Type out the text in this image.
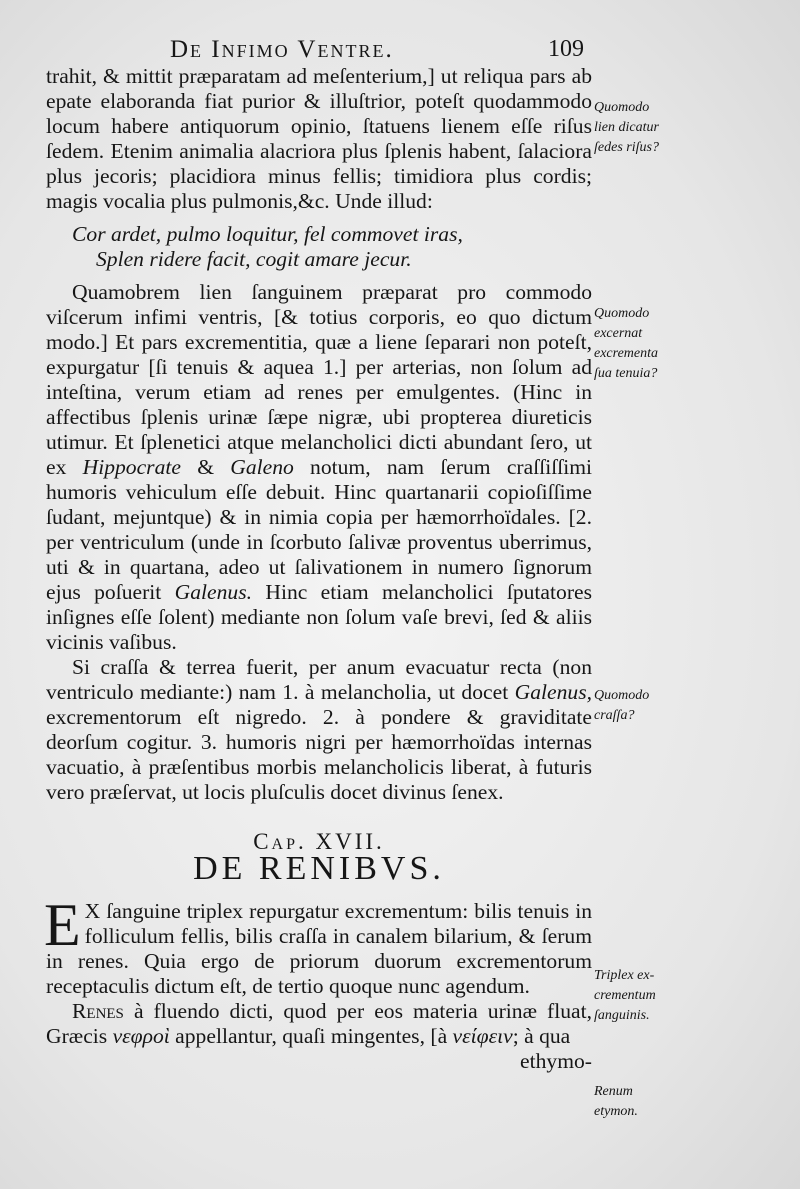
De Infimo Ventre.	109

trahit, & mittit præparatam ad meſenterium,] ut reliqua pars ab epate elaboranda fiat purior & illuſtrior, poteſt quodammodo locum habere antiquorum opinio, ſtatuens lienem eſſe riſus ſedem. Etenim animalia alacriora plus ſplenis habent, ſalaciora plus jecoris; placidiora minus fellis; timidiora plus cordis; magis vocalia plus pulmonis,&c. Unde illud:

Cor ardet, pulmo loquitur, fel commovet iras,
Splen ridere facit, cogit amare jecur.

Quamobrem lien ſanguinem præparat pro commodo viſcerum infimi ventris, [& totius corporis, eo quo dictum modo.] Et pars excrementitia, quæ a liene ſeparari non poteſt, expurgatur [ſi tenuis & aquea 1.] per arterias, non ſolum ad inteſtina, verum etiam ad renes per emulgentes. (Hinc in affectibus ſplenis urinæ ſæpe nigræ, ubi propterea diureticis utimur. Et ſplenetici atque melancholici dicti abundant ſero, ut ex Hippocrate & Galeno notum, nam ſerum craſſiſſimi humoris vehiculum eſſe debuit. Hinc quartanarii copioſiſſime ſudant, mejuntque) & in nimia copia per hæmorrhoïdales. [2. per ventriculum (unde in ſcorbuto ſalivæ proventus uberrimus, uti & in quartana, adeo ut ſalivationem in numero ſignorum ejus poſuerit Galenus. Hinc etiam melancholici ſputatores inſignes eſſe ſolent) mediante non ſolum vaſe brevi, ſed & aliis vicinis vaſibus.

Si craſſa & terrea fuerit, per anum evacuatur recta (non ventriculo mediante:) nam 1. à melancholia, ut docet Galenus, excrementorum eſt nigredo. 2. à pondere & graviditate deorſum cogitur. 3. humoris nigri per hæmorrhoïdas internas vacuatio, à præſentibus morbis melancholicis liberat, à futuris vero præſervat, ut locis pluſculis docet divinus ſenex.

Cap. XVII.
DE RENIBVS.

E X ſanguine triplex repurgatur excrementum: bilis tenuis in folliculum fellis, bilis craſſa in canalem bilarium, & ſerum in renes. Quia ergo de priorum duorum excrementorum receptaculis dictum eſt, de tertio quoque nunc agendum.

Renes à fluendo dicti, quod per eos materia urinæ fluat, Græcis νεφροὶ appellantur, quaſi mingentes, [à νείφειν; à qua

ethymo-
Quomodo
lien dicatur
ſedes riſus?
Quomodo
excernat
excrementa
ſua tenuia?
Quomodo
craſſa?
Triplex ex-
crementum
ſanguinis.
Renum
etymon.
